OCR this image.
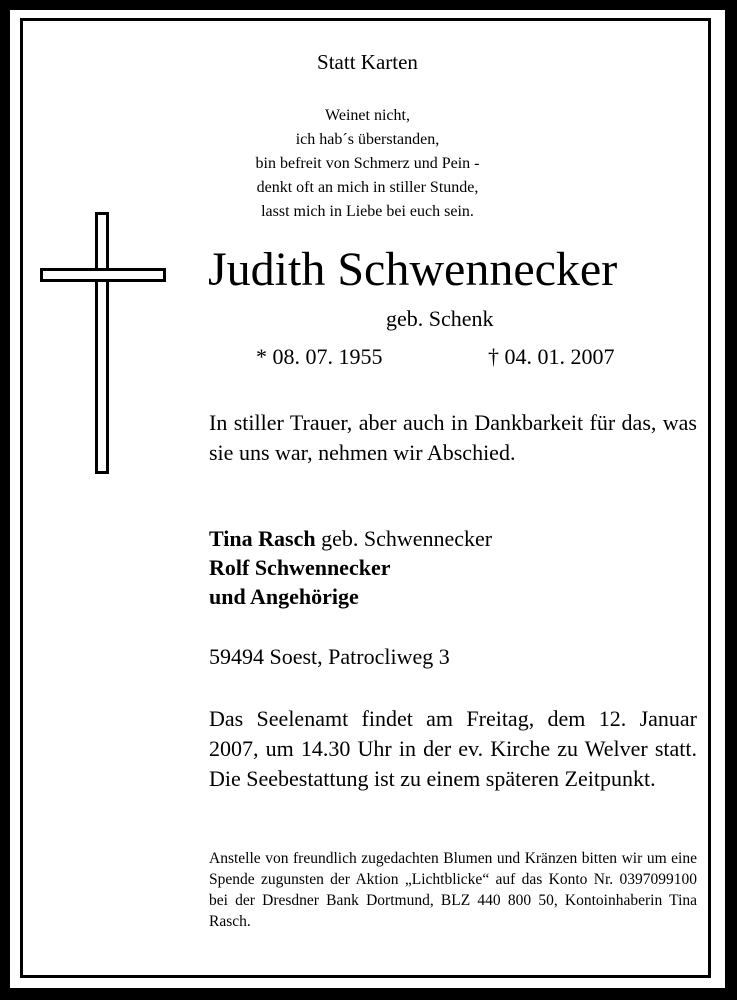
Statt Karten
Weinet nicht,
ich hab´s überstanden,
bin befreit von Schmerz und Pein -
denkt oft an mich in stiller Stunde,
lasst mich in Liebe bei euch sein.
Judith Schwennecker
geb. Schenk
* 08. 07. 1955	† 04. 01. 2007
In stiller Trauer, aber auch in Dankbarkeit für das, was sie uns war, nehmen wir Abschied.
Tina Rasch geb. Schwennecker
Rolf Schwennecker
und Angehörige
59494 Soest, Patrocliweg 3
Das Seelenamt findet am Freitag, dem 12. Januar 2007, um 14.30 Uhr in der ev. Kirche zu Welver statt. Die Seebestattung ist zu einem späteren Zeitpunkt.
Anstelle von freundlich zugedachten Blumen und Kränzen bitten wir um eine Spende zugunsten der Aktion „Lichtblicke“ auf das Konto Nr. 0397099100 bei der Dresdner Bank Dortmund, BLZ 440 800 50, Kontoinhaberin Tina Rasch.
